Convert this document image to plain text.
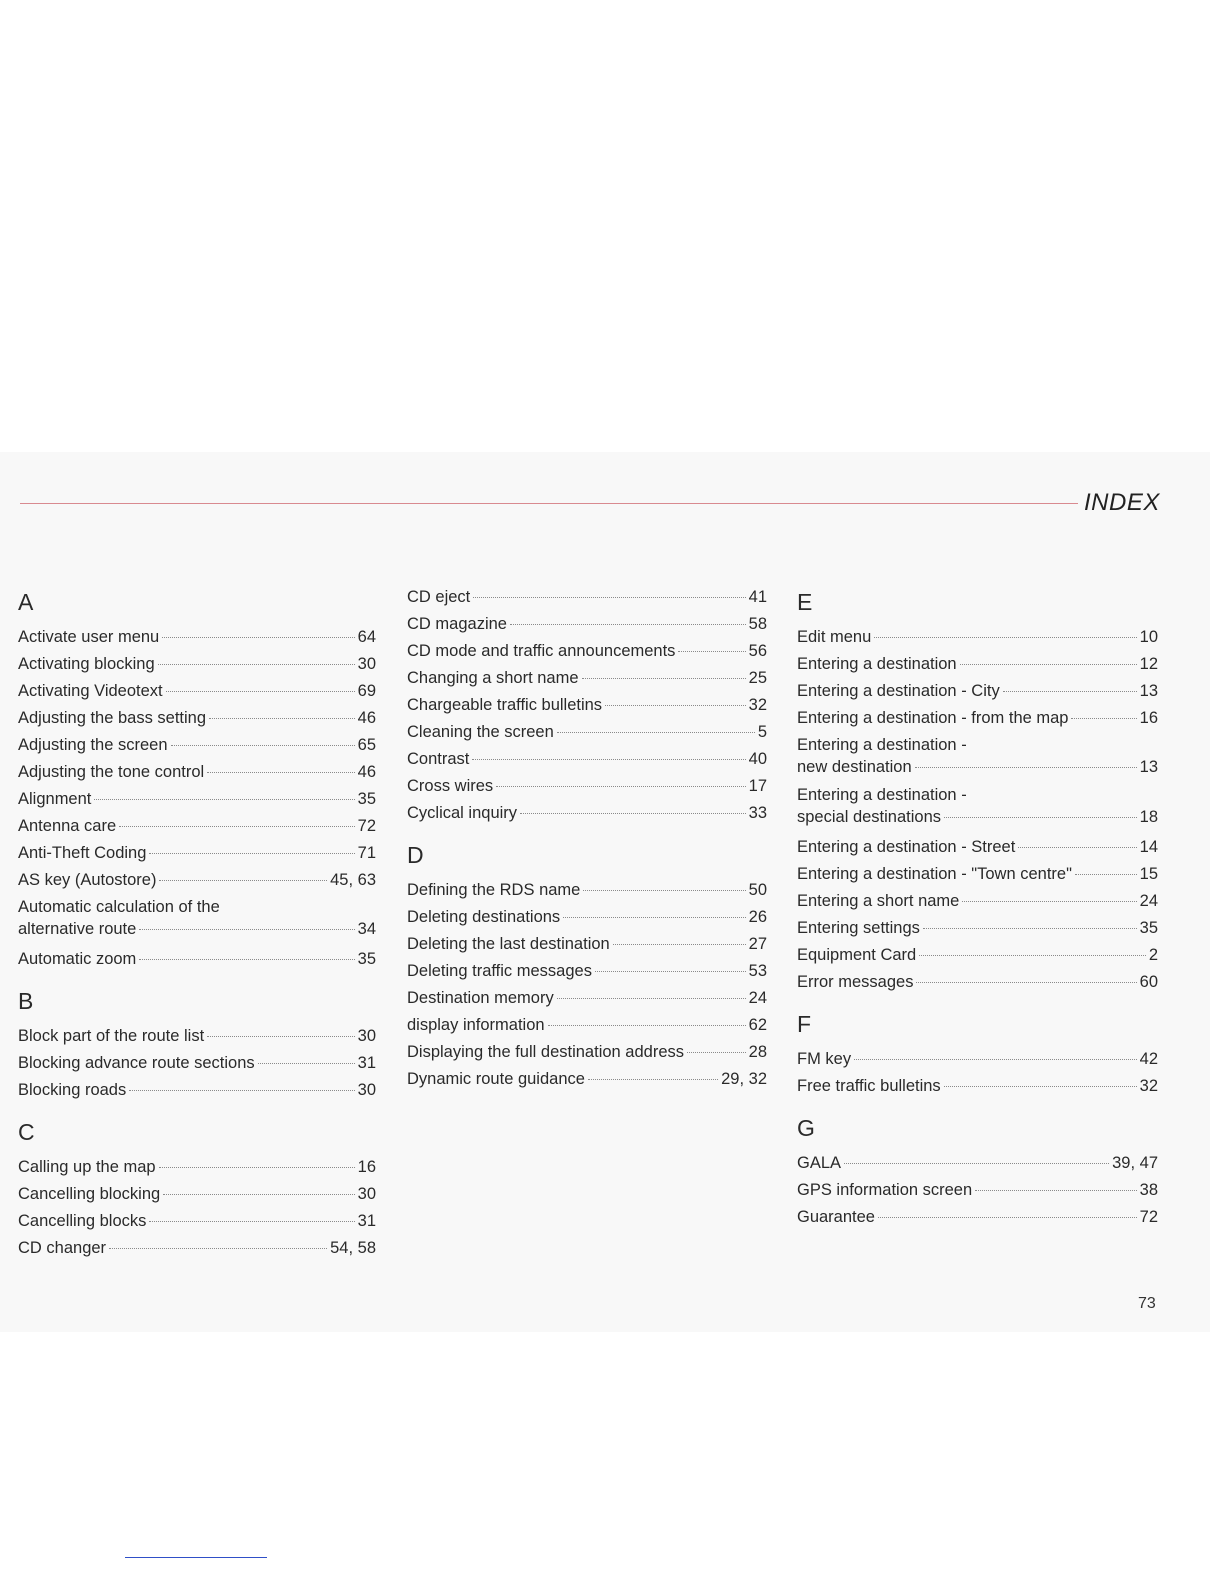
INDEX
A
Activate user menu	64
Activating blocking	30
Activating Videotext	69
Adjusting the bass setting	46
Adjusting the screen	65
Adjusting the tone control	46
Alignment	35
Antenna care	72
Anti-Theft Coding	71
AS key (Autostore)	45, 63
Automatic calculation of the
alternative route	34
Automatic zoom	35
B
Block part of the route list	30
Blocking advance route sections	31
Blocking roads	30
C
Calling up the map	16
Cancelling blocking	30
Cancelling blocks	31
CD changer	54, 58
CD eject	41
CD magazine	58
CD mode and traffic announcements	56
Changing a short name	25
Chargeable traffic bulletins	32
Cleaning the screen	5
Contrast	40
Cross wires	17
Cyclical inquiry	33
D
Defining the RDS name	50
Deleting destinations	26
Deleting the last destination	27
Deleting traffic messages	53
Destination memory	24
display information	62
Displaying the full destination address	28
Dynamic route guidance	29, 32
E
Edit menu	10
Entering a destination	12
Entering a destination - City	13
Entering a destination - from the map	16
Entering a destination -
new destination	13
Entering a destination -
special destinations	18
Entering a destination - Street	14
Entering a destination - "Town centre"	15
Entering a short name	24
Entering settings	35
Equipment Card	2
Error messages	60
F
FM key	42
Free traffic bulletins	32
G
GALA	39, 47
GPS information screen	38
Guarantee	72
73
